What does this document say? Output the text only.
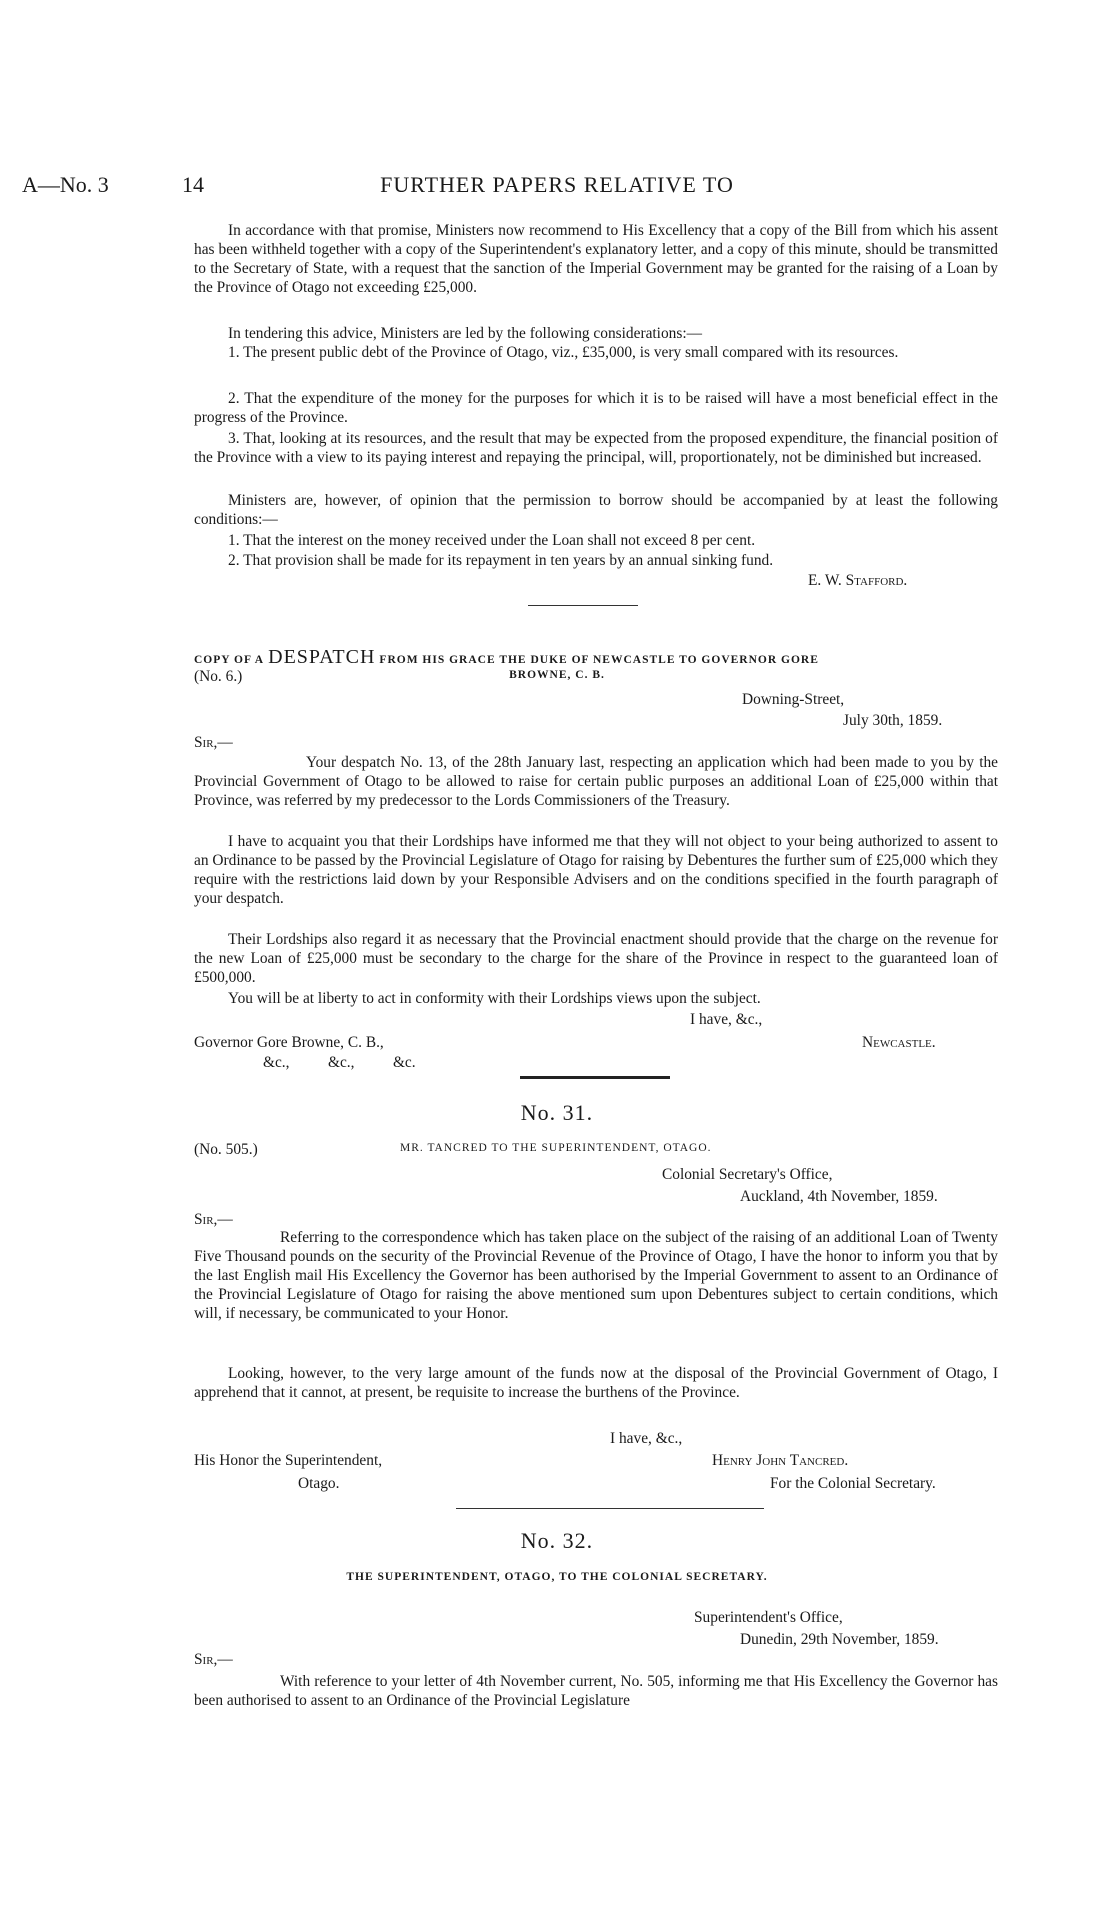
A—No. 3	14	FURTHER PAPERS RELATIVE TO

In accordance with that promise, Ministers now recommend to His Excellency that a copy of the Bill from which his assent has been withheld together with a copy of the Superintendent's explanatory letter, and a copy of this minute, should be transmitted to the Secretary of State, with a request that the sanction of the Imperial Government may be granted for the raising of a Loan by the Province of Otago not exceeding £25,000.

In tendering this advice, Ministers are led by the following considerations:—

1. The present public debt of the Province of Otago, viz., £35,000, is very small compared with its resources.

2. That the expenditure of the money for the purposes for which it is to be raised will have a most beneficial effect in the progress of the Province.

3. That, looking at its resources, and the result that may be expected from the proposed expenditure, the financial position of the Province with a view to its paying interest and repaying the principal, will, proportionately, not be diminished but increased.

Ministers are, however, of opinion that the permission to borrow should be accompanied by at least the following conditions:—

1. That the interest on the money received under the Loan shall not exceed 8 per cent.

2. That provision shall be made for its repayment in ten years by an annual sinking fund.

E. W. Stafford.
COPY OF A DESPATCH FROM HIS GRACE THE DUKE OF NEWCASTLE TO GOVERNOR GORE
(No. 6.)	BROWNE, C. B.
Downing-Street,
July 30th, 1859.
Sir,—

Your despatch No. 13, of the 28th January last, respecting an application which had been made to you by the Provincial Government of Otago to be allowed to raise for certain public purposes an additional Loan of £25,000 within that Province, was referred by my predecessor to the Lords Commissioners of the Treasury.

I have to acquaint you that their Lordships have informed me that they will not object to your being authorized to assent to an Ordinance to be passed by the Provincial Legislature of Otago for raising by Debentures the further sum of £25,000 which they require with the restrictions laid down by your Responsible Advisers and on the conditions specified in the fourth paragraph of your despatch.

Their Lordships also regard it as necessary that the Provincial enactment should provide that the charge on the revenue for the new Loan of £25,000 must be secondary to the charge for the share of the Province in respect to the guaranteed loan of £500,000.

You will be at liberty to act in conformity with their Lordships views upon the subject.

I have, &c.,
Governor Gore Browne, C. B.,	Newcastle.
&c.,          &c.,          &c.
No. 31.
(No. 505.)	MR. TANCRED TO THE SUPERINTENDENT, OTAGO.
Colonial Secretary's Office,
Auckland, 4th November, 1859.
Sir,—

Referring to the correspondence which has taken place on the subject of the raising of an additional Loan of Twenty Five Thousand pounds on the security of the Provincial Revenue of the Province of Otago, I have the honor to inform you that by the last English mail His Excellency the Governor has been authorised by the Imperial Government to assent to an Ordinance of the Provincial Legislature of Otago for raising the above mentioned sum upon Debentures subject to certain conditions, which will, if necessary, be communicated to your Honor.

Looking, however, to the very large amount of the funds now at the disposal of the Provincial Government of Otago, I apprehend that it cannot, at present, be requisite to increase the burthens of the Province.

I have, &c.,
His Honor the Superintendent,	Henry John Tancred.
Otago.	For the Colonial Secretary.
No. 32.
THE SUPERINTENDENT, OTAGO, TO THE COLONIAL SECRETARY.
Superintendent's Office,
Dunedin, 29th November, 1859.
Sir,—

With reference to your letter of 4th November current, No. 505, informing me that His Excellency the Governor has been authorised to assent to an Ordinance of the Provincial Legislature
